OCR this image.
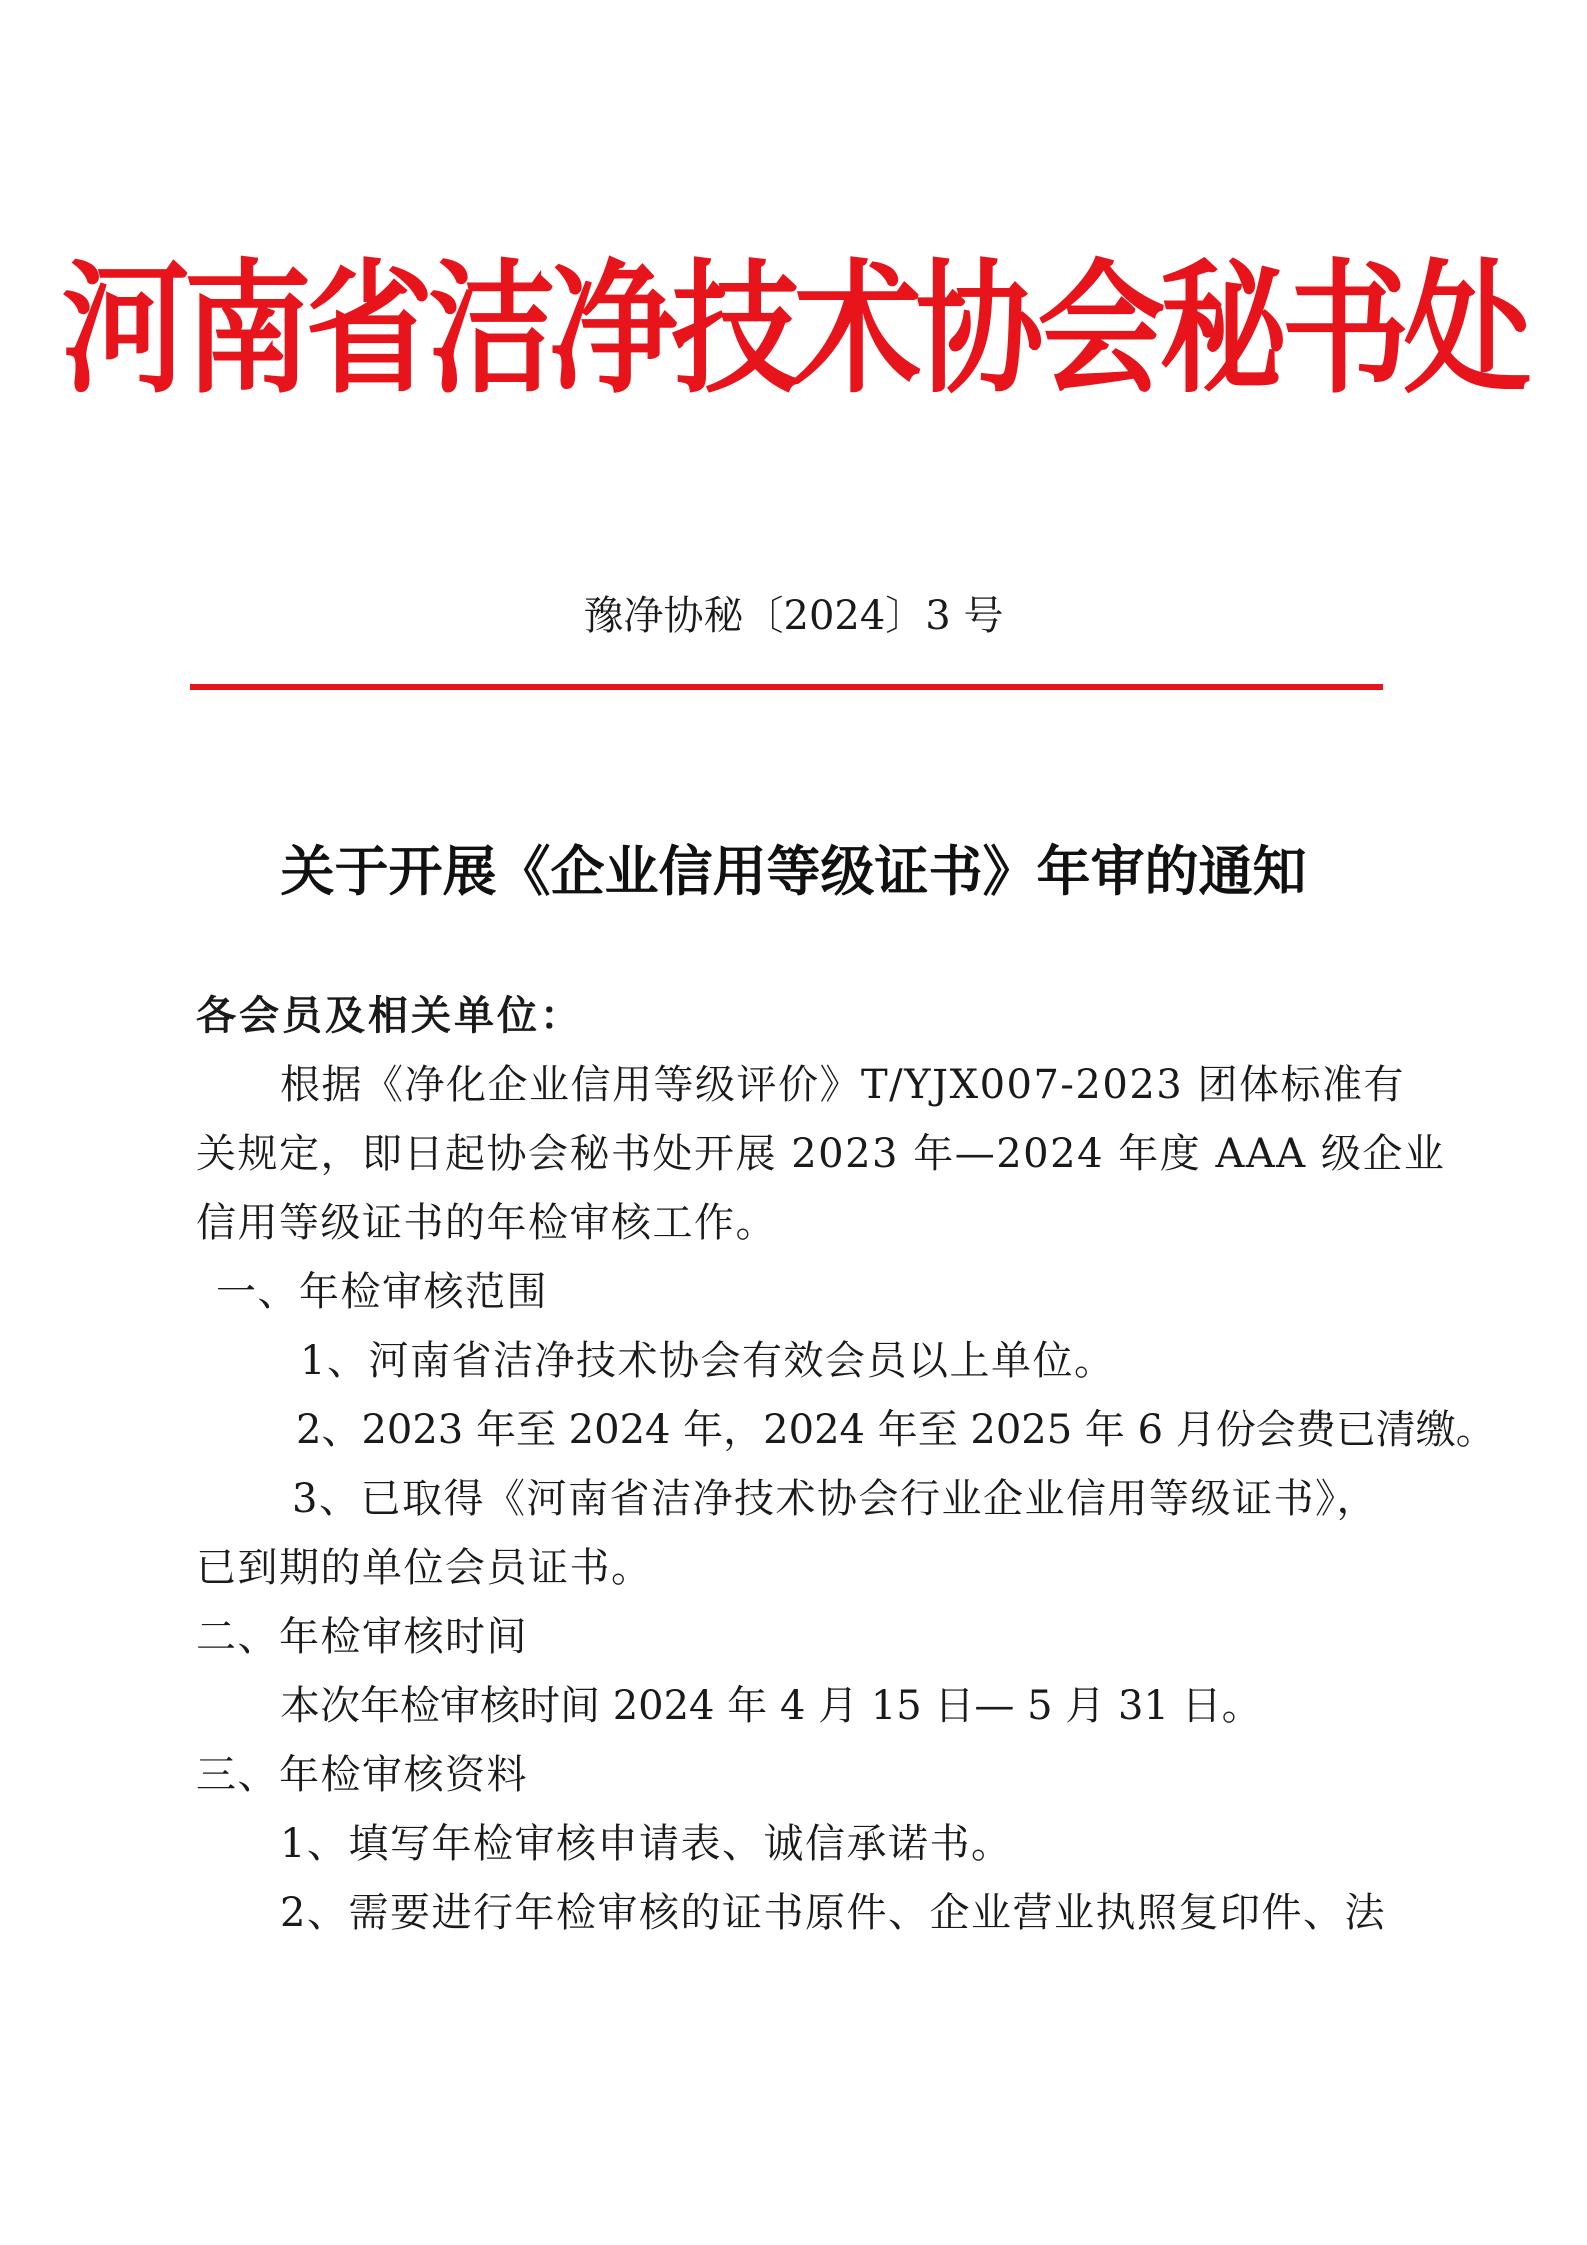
河南省洁净技术协会秘书处
豫净协秘〔2024〕3 号
关于开展《企业信用等级证书》年审的通知
各会员及相关单位：
根据《净化企业信用等级评价》T/YJX007-2023 团体标准有
关规定，即日起协会秘书处开展 2023 年—2024 年度 AAA 级企业
信用等级证书的年检审核工作。
一、年检审核范围
1、河南省洁净技术协会有效会员以上单位。
2、2023 年至 2024 年，2024 年至 2025 年 6 月份会费已清缴。
3、已取得《河南省洁净技术协会行业企业信用等级证书》，
已到期的单位会员证书。
二、年检审核时间
本次年检审核时间 2024 年 4 月 15 日— 5 月 31 日。
三、年检审核资料
1、填写年检审核申请表、诚信承诺书。
2、需要进行年检审核的证书原件、企业营业执照复印件、法
